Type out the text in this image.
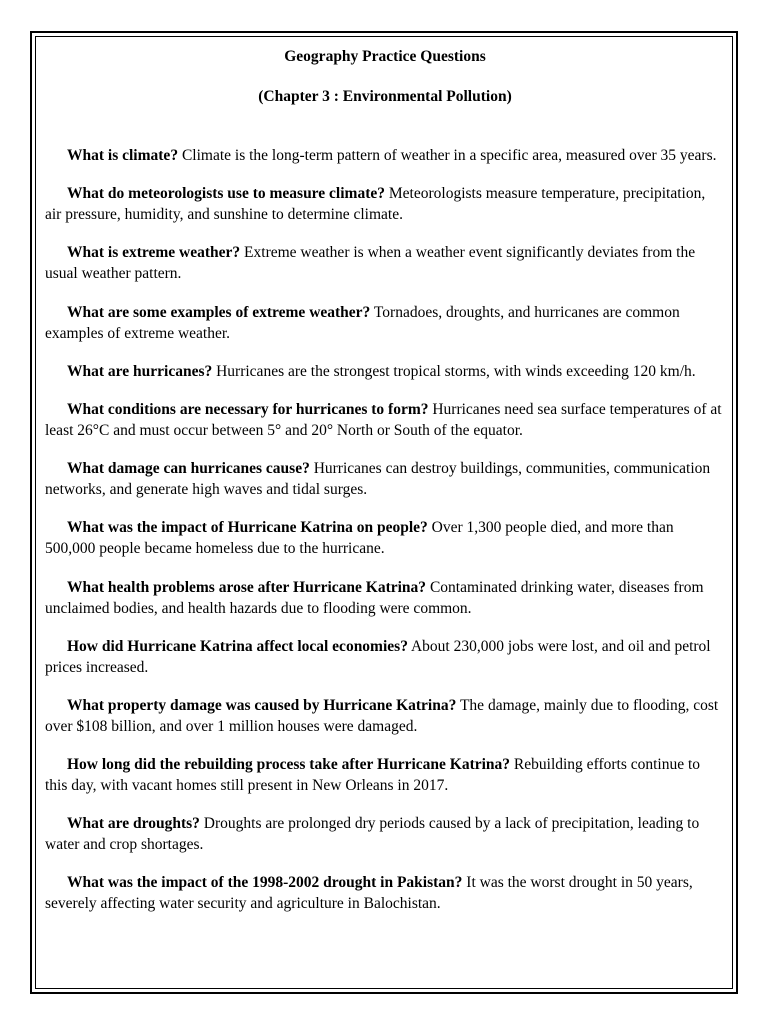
Geography Practice Questions

(Chapter 3 : Environmental Pollution)

What is climate? Climate is the long-term pattern of weather in a specific area, measured over 35 years.

What do meteorologists use to measure climate? Meteorologists measure temperature, precipitation, air pressure, humidity, and sunshine to determine climate.

What is extreme weather? Extreme weather is when a weather event significantly deviates from the usual weather pattern.

What are some examples of extreme weather? Tornadoes, droughts, and hurricanes are common examples of extreme weather.

What are hurricanes? Hurricanes are the strongest tropical storms, with winds exceeding 120 km/h.

What conditions are necessary for hurricanes to form? Hurricanes need sea surface temperatures of at least 26°C and must occur between 5° and 20° North or South of the equator.

What damage can hurricanes cause? Hurricanes can destroy buildings, communities, communication networks, and generate high waves and tidal surges.

What was the impact of Hurricane Katrina on people? Over 1,300 people died, and more than 500,000 people became homeless due to the hurricane.

What health problems arose after Hurricane Katrina? Contaminated drinking water, diseases from unclaimed bodies, and health hazards due to flooding were common.

How did Hurricane Katrina affect local economies? About 230,000 jobs were lost, and oil and petrol prices increased.

What property damage was caused by Hurricane Katrina? The damage, mainly due to flooding, cost over $108 billion, and over 1 million houses were damaged.

How long did the rebuilding process take after Hurricane Katrina? Rebuilding efforts continue to this day, with vacant homes still present in New Orleans in 2017.

What are droughts? Droughts are prolonged dry periods caused by a lack of precipitation, leading to water and crop shortages.

What was the impact of the 1998-2002 drought in Pakistan? It was the worst drought in 50 years, severely affecting water security and agriculture in Balochistan.
